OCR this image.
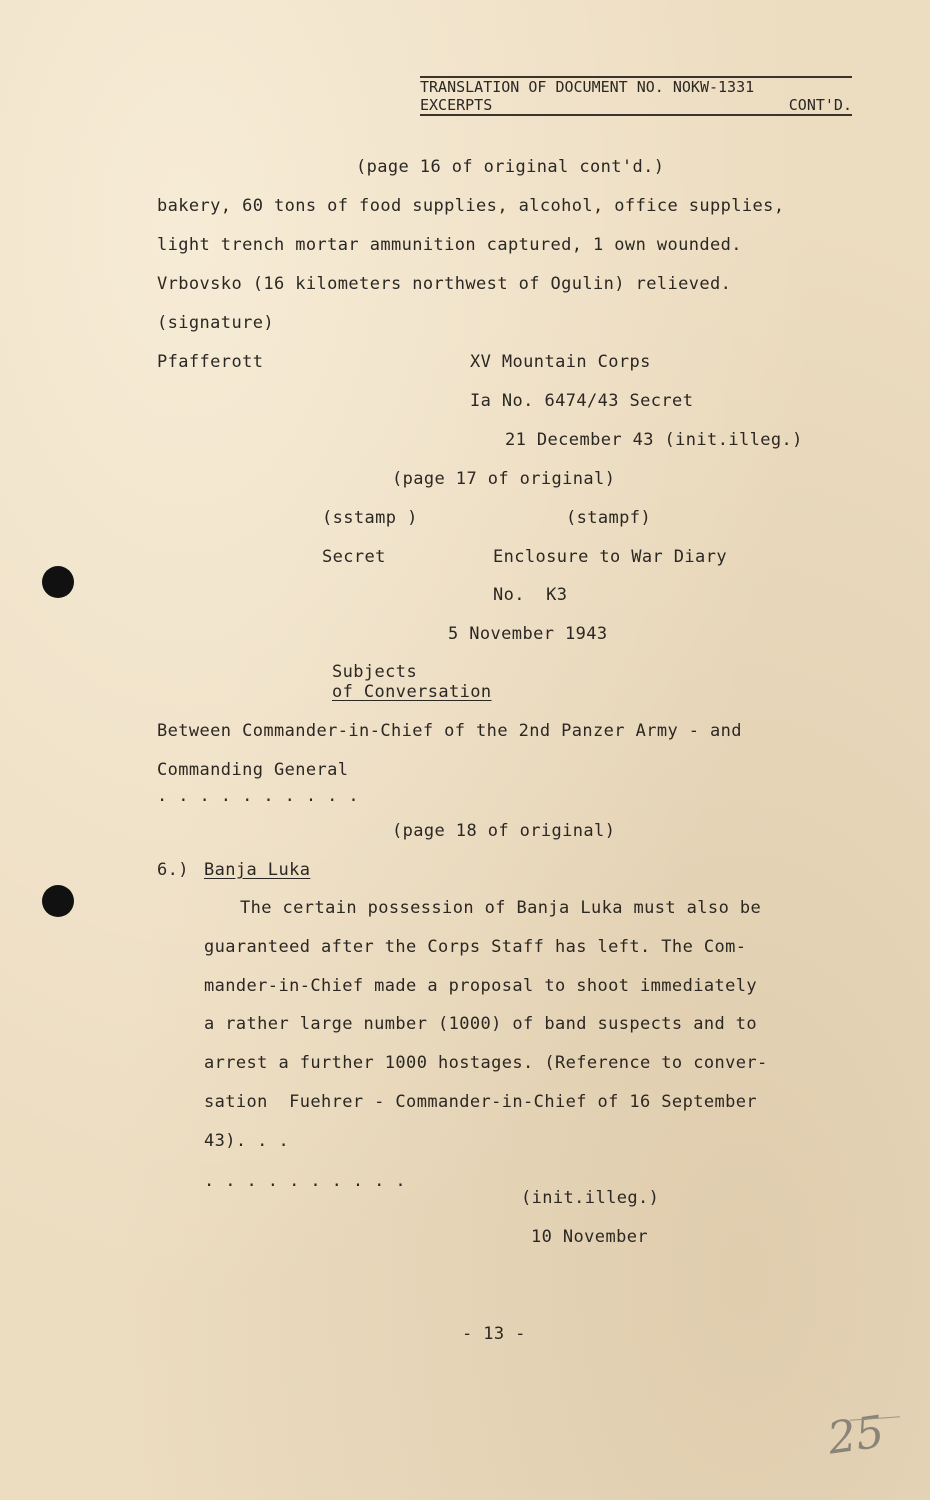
TRANSLATION OF DOCUMENT NO. NOKW-1331
EXCERPTS	CONT'D.
(page 16 of original cont'd.)
bakery, 60 tons of food supplies, alcohol, office supplies,
light trench mortar ammunition captured, 1 own wounded.
Vrbovsko (16 kilometers northwest of Ogulin) relieved.
(signature)
Pfafferott	XV Mountain Corps
Ia No. 6474/43 Secret
21 December 43 (init.illeg.)
(page 17 of original)
(sstamp )	(stampf)
Secret	Enclosure to War Diary
No.  K3
5 November 1943
Subjects
of Conversation
Between Commander-in-Chief of the 2nd Panzer Army - and
Commanding General
. . . . . . . . . .
(page 18 of original)
6.) Banja Luka
The certain possession of Banja Luka must also be
guaranteed after the Corps Staff has left. The Com-
mander-in-Chief made a proposal to shoot immediately
a rather large number (1000) of band suspects and to
arrest a further 1000 hostages. (Reference to conver-
sation  Fuehrer - Commander-in-Chief of 16 September
43). . .
. . . . . . . . . .
(init.illeg.)
10 November
- 13 -
25
